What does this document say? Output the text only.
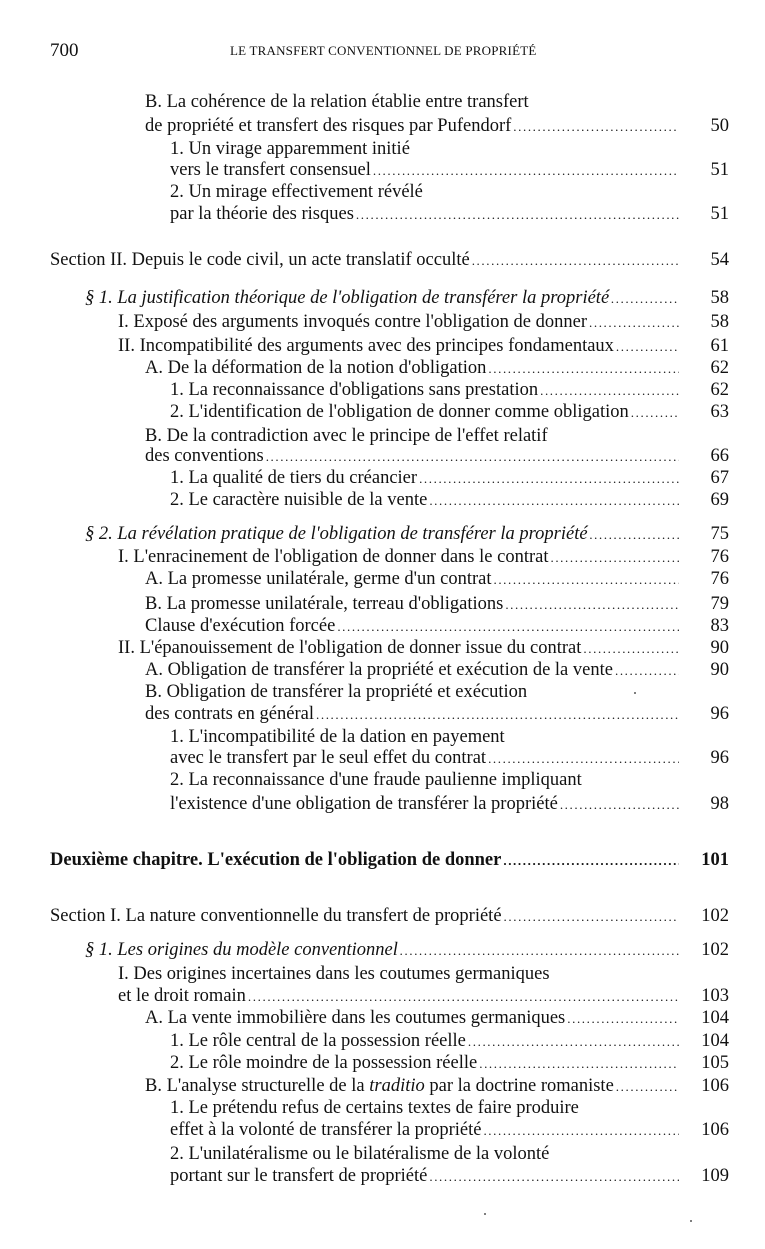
700	LE TRANSFERT CONVENTIONNEL DE PROPRIÉTÉ
B. La cohérence de la relation établie entre transfert
50
de propriété et transfert des risques par Pufendorf
.....
1. Un virage apparemment initié
51
vers le transfert consensuel
.....
2. Un mirage effectivement révélé
51
par la théorie des risques
.....
54
Section II. Depuis le code civil, un acte translatif occulté
.....
58
§ 1. La justification théorique de l'obligation de transférer la propriété
.....
58
I. Exposé des arguments invoqués contre l'obligation de donner
.....
61
II. Incompatibilité des arguments avec des principes fondamentaux
.....
62
A. De la déformation de la notion d'obligation
.....
62
1. La reconnaissance d'obligations sans prestation
.....
63
2. L'identification de l'obligation de donner comme obligation
.....
B. De la contradiction avec le principe de l'effet relatif
66
des conventions
.....
67
1. La qualité de tiers du créancier
.....
69
2. Le caractère nuisible de la vente
.....
75
§ 2. La révélation pratique de l'obligation de transférer la propriété
.....
76
I. L'enracinement de l'obligation de donner dans le contrat
.....
76
A. La promesse unilatérale, germe d'un contrat
.....
79
B. La promesse unilatérale, terreau d'obligations
.....
83
Clause d'exécution forcée
.....
90
II. L'épanouissement de l'obligation de donner issue du contrat
.....
90
A. Obligation de transférer la propriété et exécution de la vente
.....
B. Obligation de transférer la propriété et exécution
96
des contrats en général
.....
1. L'incompatibilité de la dation en payement
96
avec le transfert par le seul effet du contrat
.....
2. La reconnaissance d'une fraude paulienne impliquant
98
l'existence d'une obligation de transférer la propriété
.....
101
Deuxième chapitre. L'exécution de l'obligation de donner
.....
102
Section I. La nature conventionnelle du transfert de propriété
.....
102
§ 1. Les origines du modèle conventionnel
.....
I. Des origines incertaines dans les coutumes germaniques
103
et le droit romain
.....
104
A. La vente immobilière dans les coutumes germaniques
.....
104
1. Le rôle central de la possession réelle
.....
105
2. Le rôle moindre de la possession réelle
.....
106
B. L'analyse structurelle de la traditio par la doctrine romaniste
.....
1. Le prétendu refus de certains textes de faire produire
106
effet à la volonté de transférer la propriété
.....
2. L'unilatéralisme ou le bilatéralisme de la volonté
109
portant sur le transfert de propriété
.....
